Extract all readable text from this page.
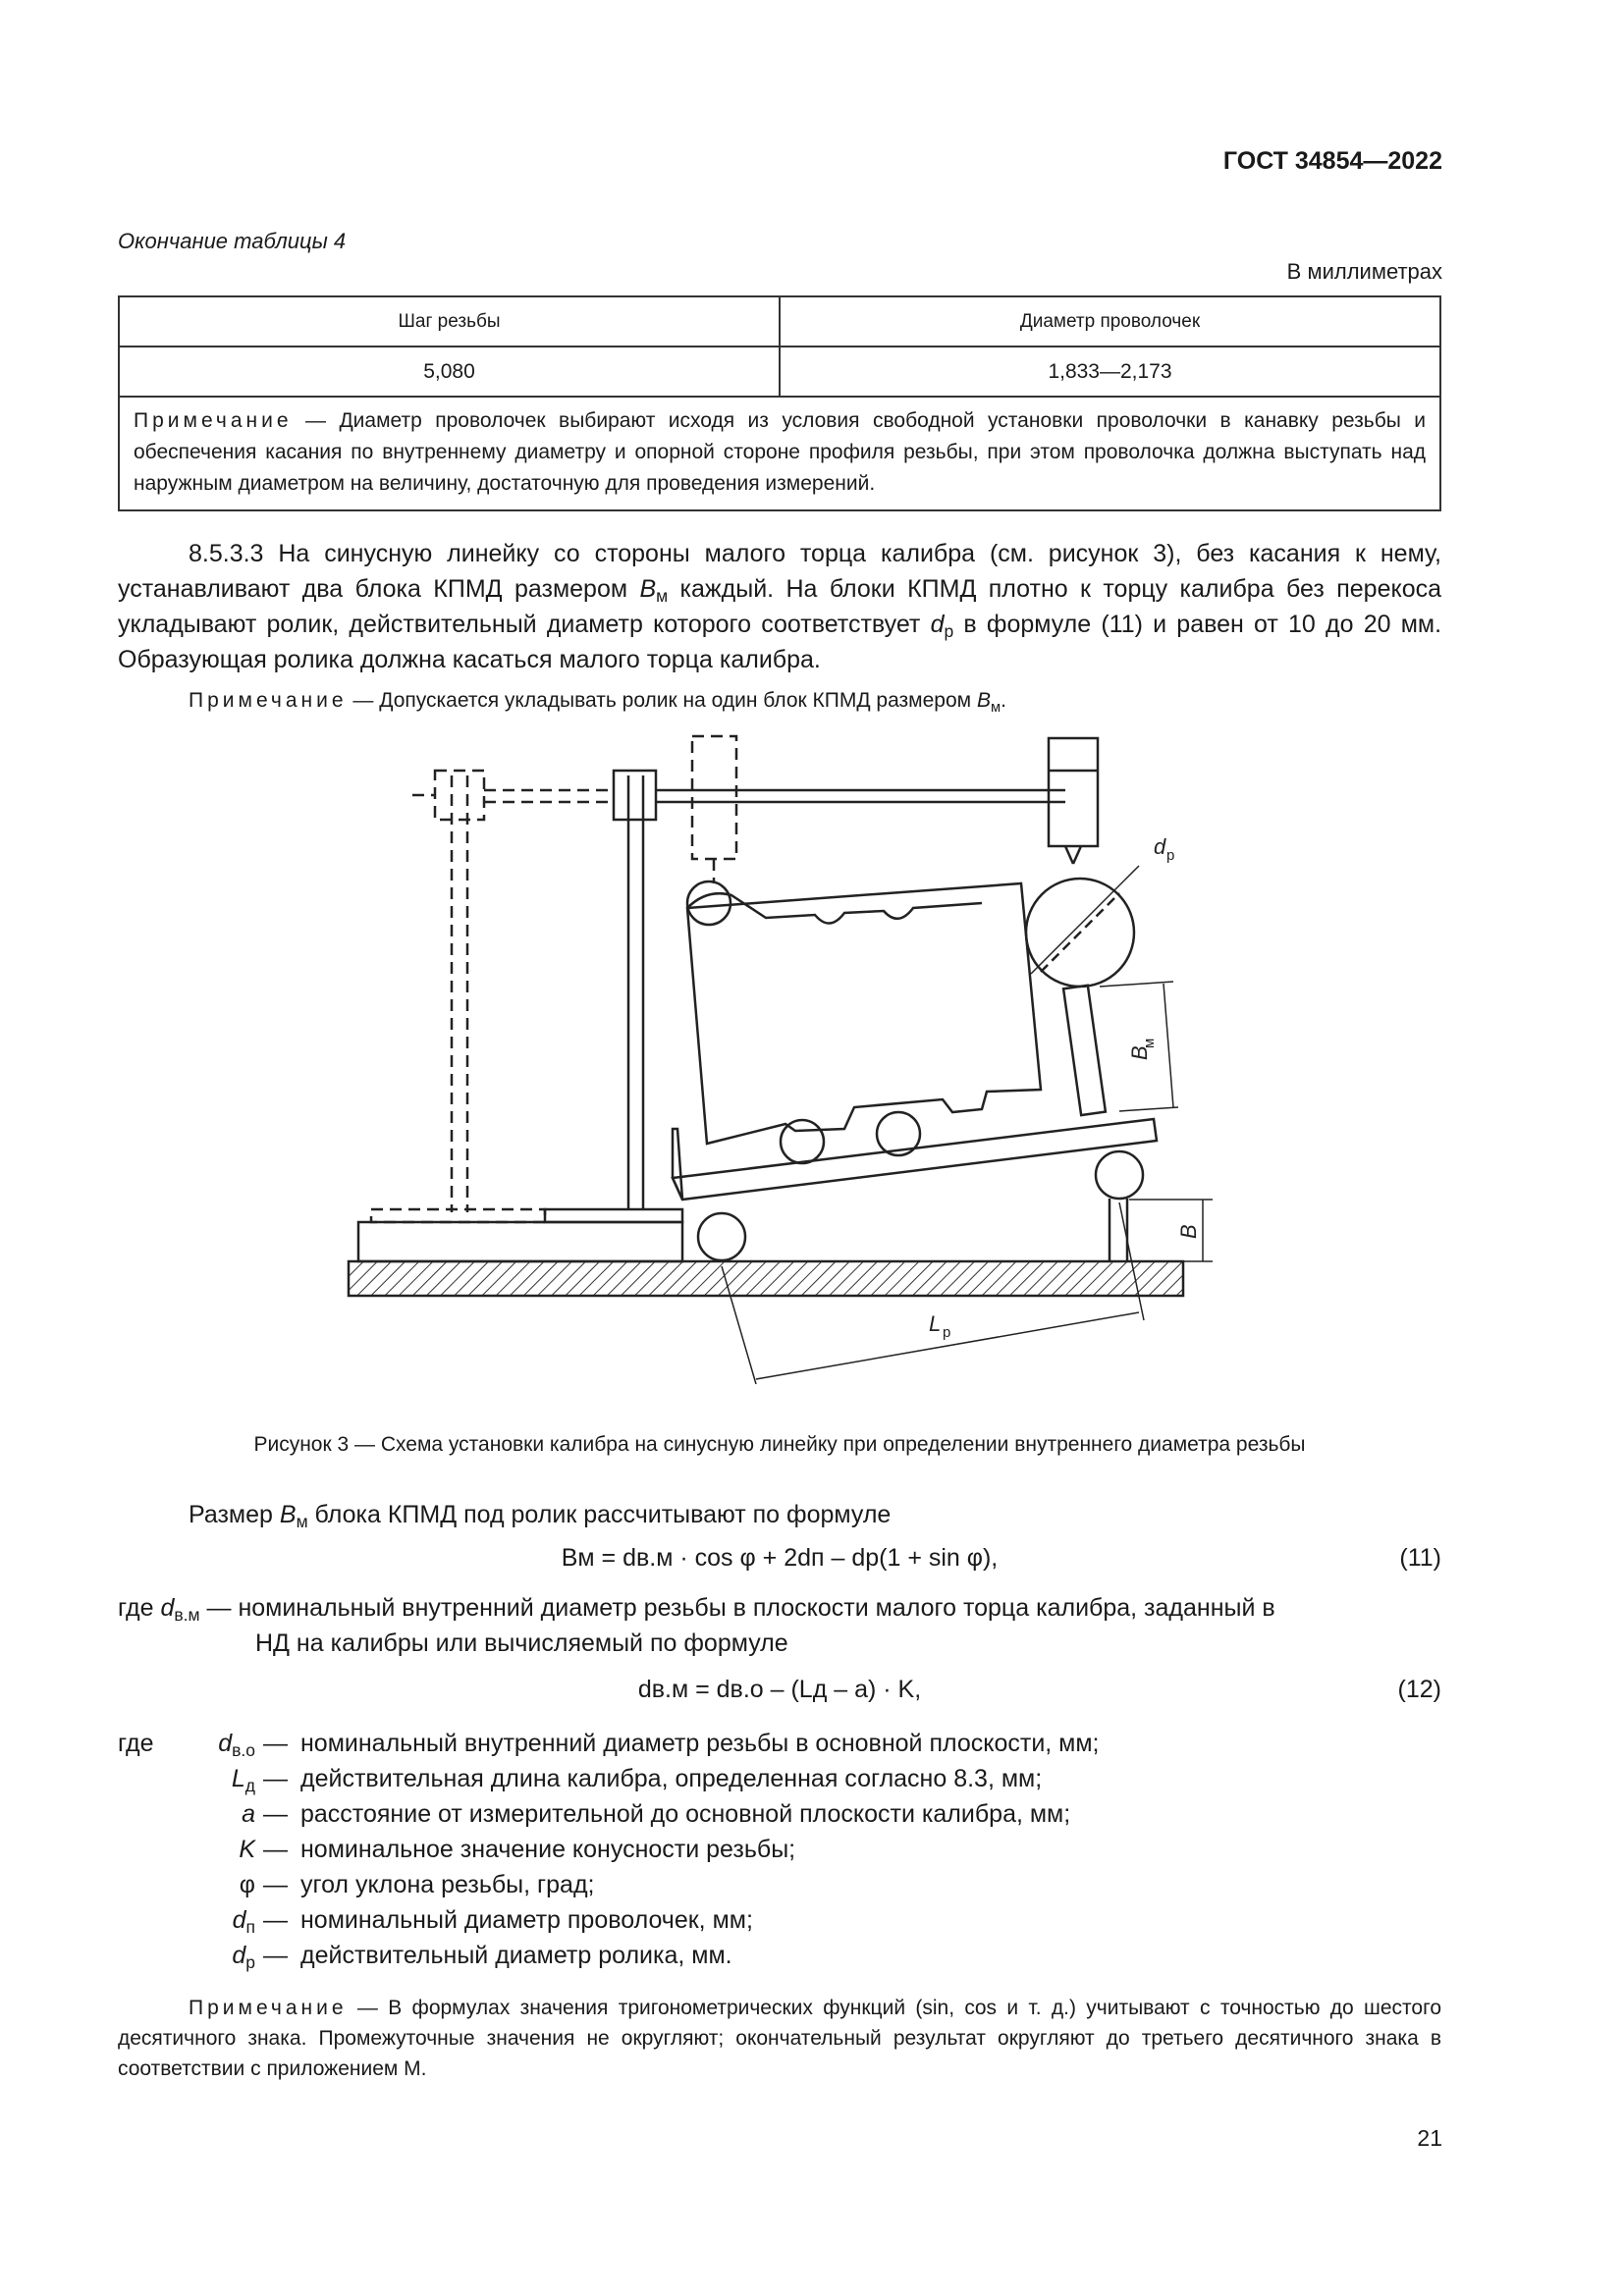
ГОСТ 34854—2022
Окончание таблицы 4
В миллиметрах
Шаг резьбы	Диаметр проволочек
5,080	1,833—2,173
Примечание — Диаметр проволочек выбирают исходя из условия свободной установки проволочки в канавку резьбы и обеспечения касания по внутреннему диаметру и опорной стороне профиля резьбы, при этом проволочка должна выступать над наружным диаметром на величину, достаточную для проведения измерений.	
8.5.3.3 На синусную линейку со стороны малого торца калибра (см. рисунок 3), без касания к нему, устанавливают два блока КПМД размером $B_м$ каждый. На блоки КПМД плотно к торцу калибра без перекоса укладывают ролик, действительный диаметр которого соответствует $d_р$ в формуле (11) и равен от 10 до 20 мм. Образующая ролика должна касаться малого торца калибра.
Примечание — Допускается укладывать ролик на один блок КПМД размером $B_м$.
d р
B
м
B
L р
Рисунок 3 — Схема установки калибра на синусную линейку при определении внутреннего диаметра резьбы
Размер $B_м$ блока КПМД под ролик рассчитывают по формуле
Bм = dв.м · cos φ + 2dп – dр(1 + sin φ),	(11)
где $d_{в.м}$ — номинальный внутренний диаметр резьбы в плоскости малого торца калибра, заданный в
НД на калибры или вычисляемый по формуле
dв.м = dв.о – (Lд – a) · K,	(12)
где	$d_{в.о}$ — номинальный внутренний диаметр резьбы в основной плоскости, мм;
$L_д$ — действительная длина калибра, определенная согласно 8.3, мм;
a — расстояние от измерительной до основной плоскости калибра, мм;
K — номинальное значение конусности резьбы;
φ — угол уклона резьбы, град;
$d_п$ — номинальный диаметр проволочек, мм;
$d_р$ — действительный диаметр ролика, мм.
Примечание — В формулах значения тригонометрических функций (sin, cos и т. д.) учитывают с точностью до шестого десятичного знака. Промежуточные значения не округляют; окончательный результат округляют до третьего десятичного знака в соответствии с приложением М.
21
